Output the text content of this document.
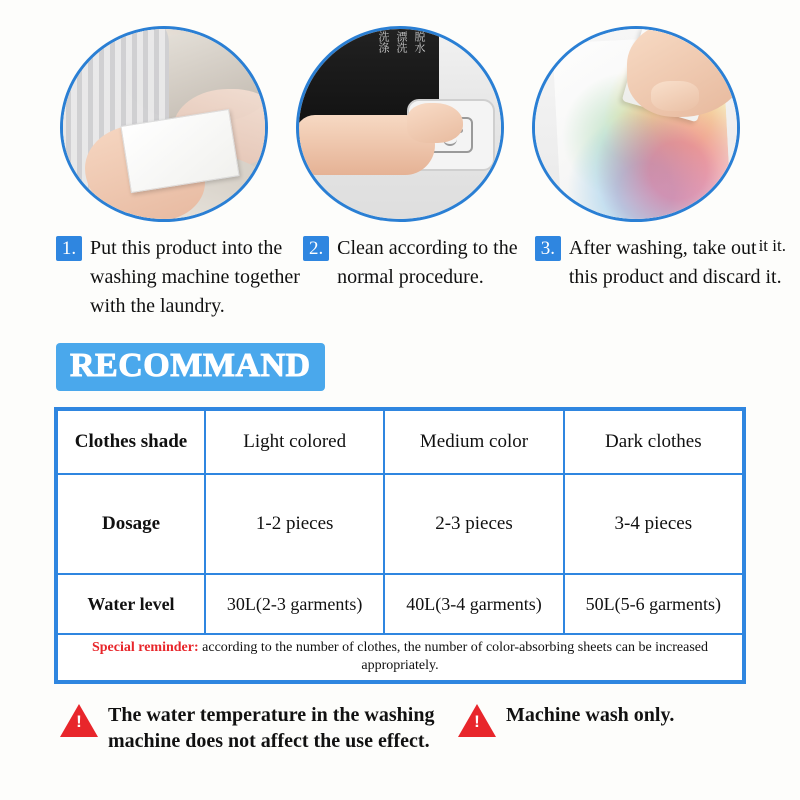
洗涤 漂洗 脱水
1. Put this product into the washing machine together with the laundry.
2. Clean according to the normal procedure.
3. After washing, take out this product and discard it.
it it.
RECOMMAND
Clothes shade	Light colored	Medium color	Dark clothes
Dosage	1-2 pieces	2-3 pieces	3-4 pieces
Water level	30L(2-3 garments)	40L(3-4 garments)	50L(5-6 garments)
Special reminder: according to the number of clothes, the number of color-absorbing sheets can be increased appropriately.			
!
The water temperature in the washing machine does not affect the use effect.
!
Machine wash only.
